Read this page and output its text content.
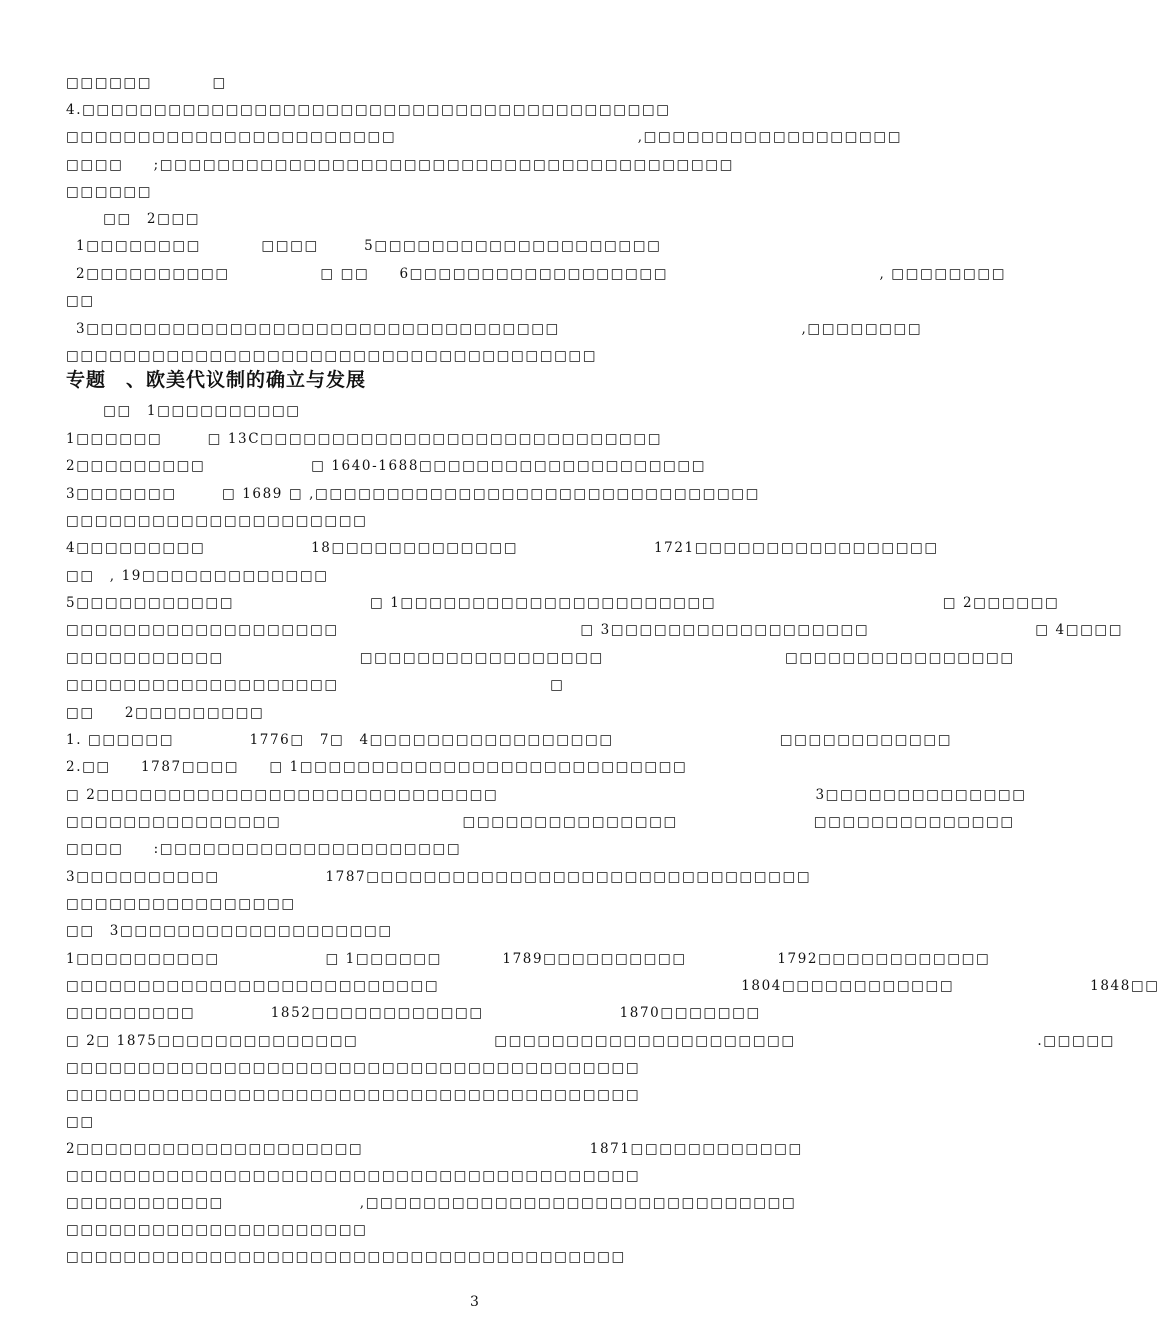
□□□□□□　　　　□
4.□□□□□□□□□□□□□□□□□□□□□□□□□□□□□□□□□□□□□□□□□
□□□□□□□□□□□□□□□□□□□□□□□　　　　　　　　　　　　　　　　,□□□□□□□□□□□□□□□□□□
□□□□　　;□□□□□□□□□□□□□□□□□□□□□□□□□□□□□□□□□□□□□□□□
□□□□□□
　□□　2□□□
1□□□□□□□□　　　　□□□□　　　5□□□□□□□□□□□□□□□□□□□□
2□□□□□□□□□□　　　　　　□ □□　　6□□□□□□□□□□□□□□□□□□　　　　　　　　　　　　　　, □□□□□□□□
□□
3□□□□□□□□□□□□□□□□□□□□□□□□□□□□□□□□□　　　　　　　　　　　　　　　　,□□□□□□□□
□□□□□□□□□□□□□□□□□□□□□□□□□□□□□□□□□□□□□
专题　、欧美代议制的确立与发展
　□□　1□□□□□□□□□□
1□□□□□□　　　□ 13C□□□□□□□□□□□□□□□□□□□□□□□□□□□□
2□□□□□□□□□　　　　　　　□ 1640-1688□□□□□□□□□□□□□□□□□□□□
3□□□□□□□　　　□ 1689 □ ,□□□□□□□□□□□□□□□□□□□□□□□□□□□□□□□
□□□□□□□□□□□□□□□□□□□□□
4□□□□□□□□□　　　　　　　18□□□□□□□□□□□□□　　　　　　　　　1721□□□□□□□□□□□□□□□□□
□□　, 19□□□□□□□□□□□□□
5□□□□□□□□□□□　　　　　　　　　□ 1□□□□□□□□□□□□□□□□□□□□□□　　　　　　　　　　　　　　　□ 2□□□□□□
□□□□□□□□□□□□□□□□□□□　　　　　　　　　　　　　　　　□ 3□□□□□□□□□□□□□□□□□□　　　　　　　　　　　□ 4□□□□
□□□□□□□□□□□　　　　　　　　　□□□□□□□□□□□□□□□□□　　　　　　　　　　　　□□□□□□□□□□□□□□□□
□□□□□□□□□□□□□□□□□□□　　　　　　　　　　　　　　□
□□　　2□□□□□□□□□
1. □□□□□□　　　　　1776□　7□　4□□□□□□□□□□□□□□□□□　　　　　　　　　　　□□□□□□□□□□□□
2.□□　　1787□□□□　　□ 1□□□□□□□□□□□□□□□□□□□□□□□□□□□
□ 2□□□□□□□□□□□□□□□□□□□□□□□□□□□□　　　　　　　　　　　　　　　　　　　　　3□□□□□□□□□□□□□□
□□□□□□□□□□□□□□□　　　　　　　　　　　　□□□□□□□□□□□□□□□　　　　　　　　　□□□□□□□□□□□□□□
□□□□　　:□□□□□□□□□□□□□□□□□□□□□
3□□□□□□□□□□　　　　　　　1787□□□□□□□□□□□□□□□□□□□□□□□□□□□□□□□
□□□□□□□□□□□□□□□□
□□　3□□□□□□□□□□□□□□□□□□□
1□□□□□□□□□□　　　　　　　□ 1□□□□□□　　　　1789□□□□□□□□□□　　　　　　1792□□□□□□□□□□□□
□□□□□□□□□□□□□□□□□□□□□□□□□□　　　　　　　　　　　　　　　　　　　　1804□□□□□□□□□□□□　　　　　　　　　1848□□
□□□□□□□□□　　　　　1852□□□□□□□□□□□□　　　　　　　　　1870□□□□□□□
□ 2□ 1875□□□□□□□□□□□□□□　　　　　　　　　□□□□□□□□□□□□□□□□□□□□□　　　　　　　　　　　　　　　　.□□□□□
□□□□□□□□□□□□□□□□□□□□□□□□□□□□□□□□□□□□□□□□
□□□□□□□□□□□□□□□□□□□□□□□□□□□□□□□□□□□□□□□□
□□
2□□□□□□□□□□□□□□□□□□□□　　　　　　　　　　　　　　　1871□□□□□□□□□□□□
□□□□□□□□□□□□□□□□□□□□□□□□□□□□□□□□□□□□□□□□
□□□□□□□□□□□　　　　　　　　　,□□□□□□□□□□□□□□□□□□□□□□□□□□□□□□
□□□□□□□□□□□□□□□□□□□□□
□□□□□□□□□□□□□□□□□□□□□□□□□□□□□□□□□□□□□□□
3
